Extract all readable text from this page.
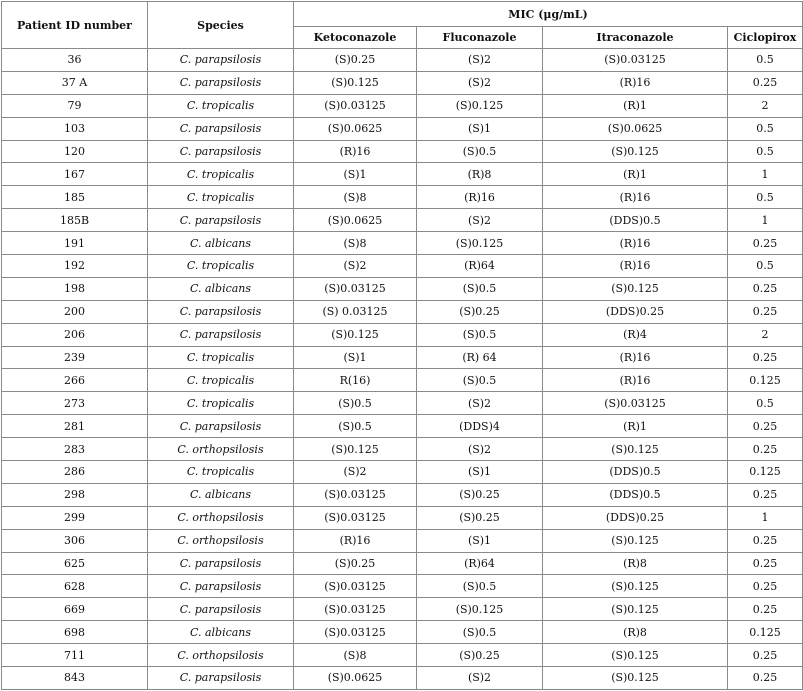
Patient ID number	Species	MIC (μg/mL)			
		Ketoconazole	Fluconazole	Itraconazole	Ciclopirox
36	C. parapsilosis	(S)0.25	(S)2	(S)0.03125	0.5
37 A	C. parapsilosis	(S)0.125	(S)2	(R)16	0.25
79	C. tropicalis	(S)0.03125	(S)0.125	(R)1	2
103	C. parapsilosis	(S)0.0625	(S)1	(S)0.0625	0.5
120	C. parapsilosis	(R)16	(S)0.5	(S)0.125	0.5
167	C. tropicalis	(S)1	(R)8	(R)1	1
185	C. tropicalis	(S)8	(R)16	(R)16	0.5
185B	C. parapsilosis	(S)0.0625	(S)2	(DDS)0.5	1
191	C. albicans	(S)8	(S)0.125	(R)16	0.25
192	C. tropicalis	(S)2	(R)64	(R)16	0.5
198	C. albicans	(S)0.03125	(S)0.5	(S)0.125	0.25
200	C. parapsilosis	(S) 0.03125	(S)0.25	(DDS)0.25	0.25
206	C. parapsilosis	(S)0.125	(S)0.5	(R)4	2
239	C. tropicalis	(S)1	(R) 64	(R)16	0.25
266	C. tropicalis	R(16)	(S)0.5	(R)16	0.125
273	C. tropicalis	(S)0.5	(S)2	(S)0.03125	0.5
281	C. parapsilosis	(S)0.5	(DDS)4	(R)1	0.25
283	C. orthopsilosis	(S)0.125	(S)2	(S)0.125	0.25
286	C. tropicalis	(S)2	(S)1	(DDS)0.5	0.125
298	C. albicans	(S)0.03125	(S)0.25	(DDS)0.5	0.25
299	C. orthopsilosis	(S)0.03125	(S)0.25	(DDS)0.25	1
306	C. orthopsilosis	(R)16	(S)1	(S)0.125	0.25
625	C. parapsilosis	(S)0.25	(R)64	(R)8	0.25
628	C. parapsilosis	(S)0.03125	(S)0.5	(S)0.125	0.25
669	C. parapsilosis	(S)0.03125	(S)0.125	(S)0.125	0.25
698	C. albicans	(S)0.03125	(S)0.5	(R)8	0.125
711	C. orthopsilosis	(S)8	(S)0.25	(S)0.125	0.25
843	C. parapsilosis	(S)0.0625	(S)2	(S)0.125	0.25
